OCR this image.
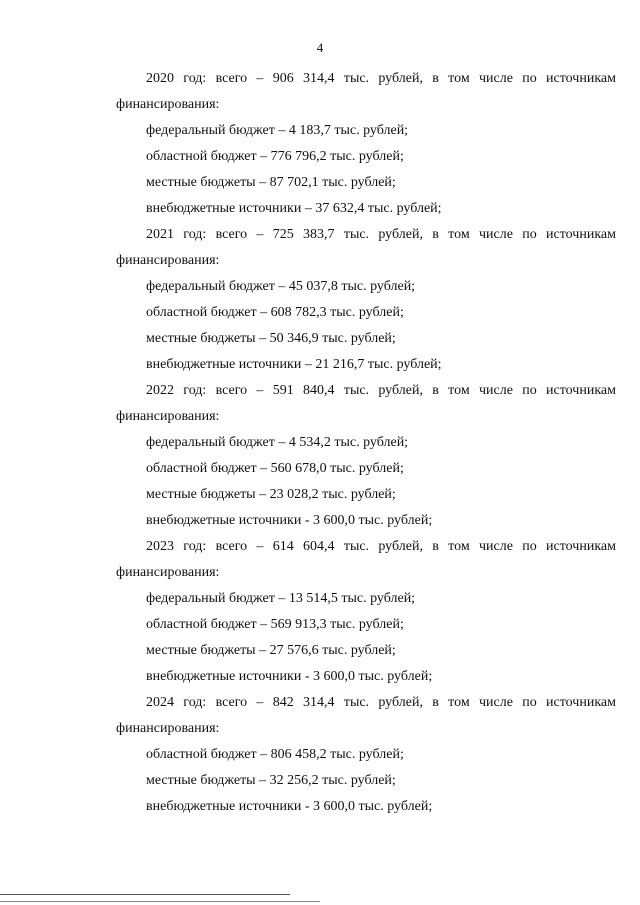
4
2020 год: всего – 906 314,4 тыс. рублей, в том числе по источникам
финансирования:
федеральный бюджет – 4 183,7 тыс. рублей;
областной бюджет – 776 796,2 тыс. рублей;
местные бюджеты – 87 702,1 тыс. рублей;
внебюджетные источники – 37 632,4 тыс. рублей;
2021 год: всего – 725 383,7 тыс. рублей, в том числе по источникам
финансирования:
федеральный бюджет – 45 037,8 тыс. рублей;
областной бюджет – 608 782,3 тыс. рублей;
местные бюджеты – 50 346,9 тыс. рублей;
внебюджетные источники – 21 216,7 тыс. рублей;
2022 год: всего – 591 840,4 тыс. рублей, в том числе по источникам
финансирования:
федеральный бюджет – 4 534,2 тыс. рублей;
областной бюджет – 560 678,0 тыс. рублей;
местные бюджеты – 23 028,2 тыс. рублей;
внебюджетные источники - 3 600,0 тыс. рублей;
2023 год: всего – 614 604,4 тыс. рублей, в том числе по источникам
финансирования:
федеральный бюджет – 13 514,5 тыс. рублей;
областной бюджет – 569 913,3 тыс. рублей;
местные бюджеты – 27 576,6 тыс. рублей;
внебюджетные источники - 3 600,0 тыс. рублей;
2024 год: всего – 842 314,4 тыс. рублей, в том числе по источникам
финансирования:
областной бюджет – 806 458,2 тыс. рублей;
местные бюджеты – 32 256,2 тыс. рублей;
внебюджетные источники - 3 600,0 тыс. рублей;
